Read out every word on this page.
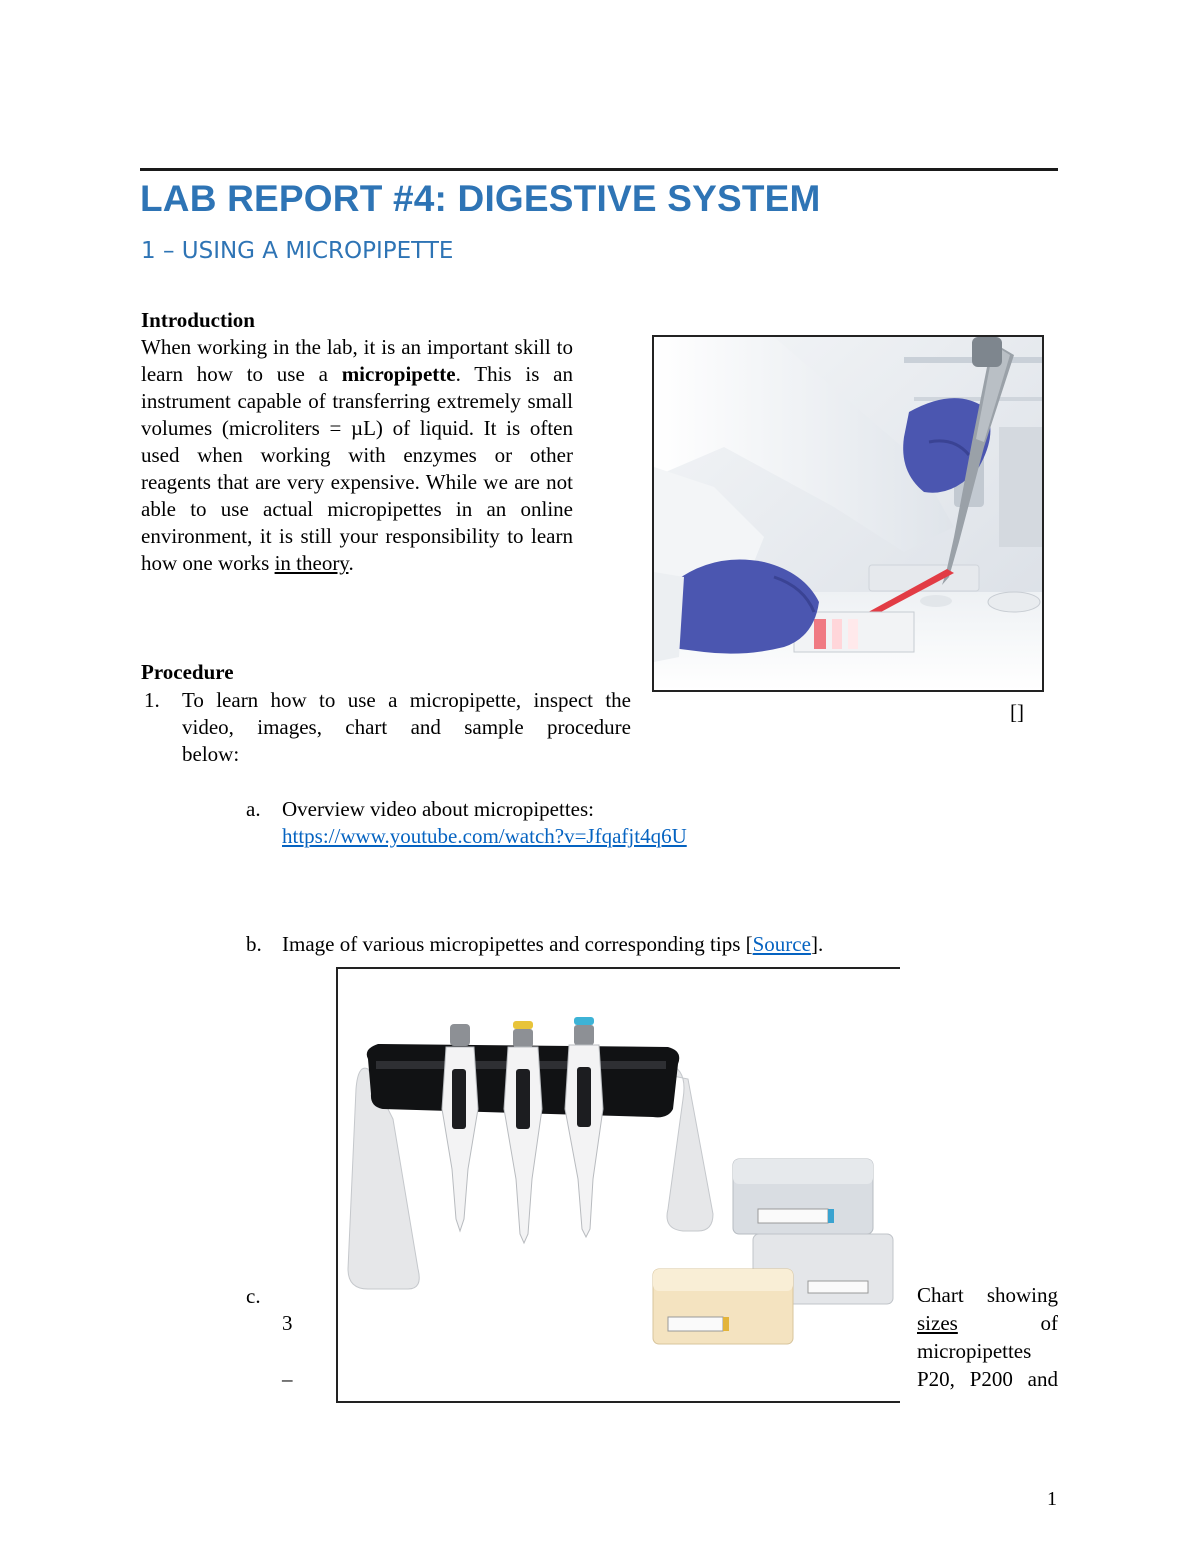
LAB REPORT #4: DIGESTIVE SYSTEM
1 – USING A MICROPIPETTE
Introduction

When working in the lab, it is an important skill to learn how to use a micropipette. This is an instrument capable of transferring extremely small volumes (microliters = µL) of liquid. It is often used when working with enzymes or other reagents that are very expensive. While we are not able to use actual micropipettes in an online environment, it is still your responsibility to learn how one works in theory.

[]
Procedure
1. To learn how to use a micropipette, inspect the video, images, chart and sample procedure
below:
a. Overview video about micropipettes:
https://www.youtube.com/watch?v=Jfqafjt4q6U
b. Image of various micropipettes and corresponding tips [Source].
c.
3
–
Chart showing
sizes	of
micropipettes
P20, P200 and
1
